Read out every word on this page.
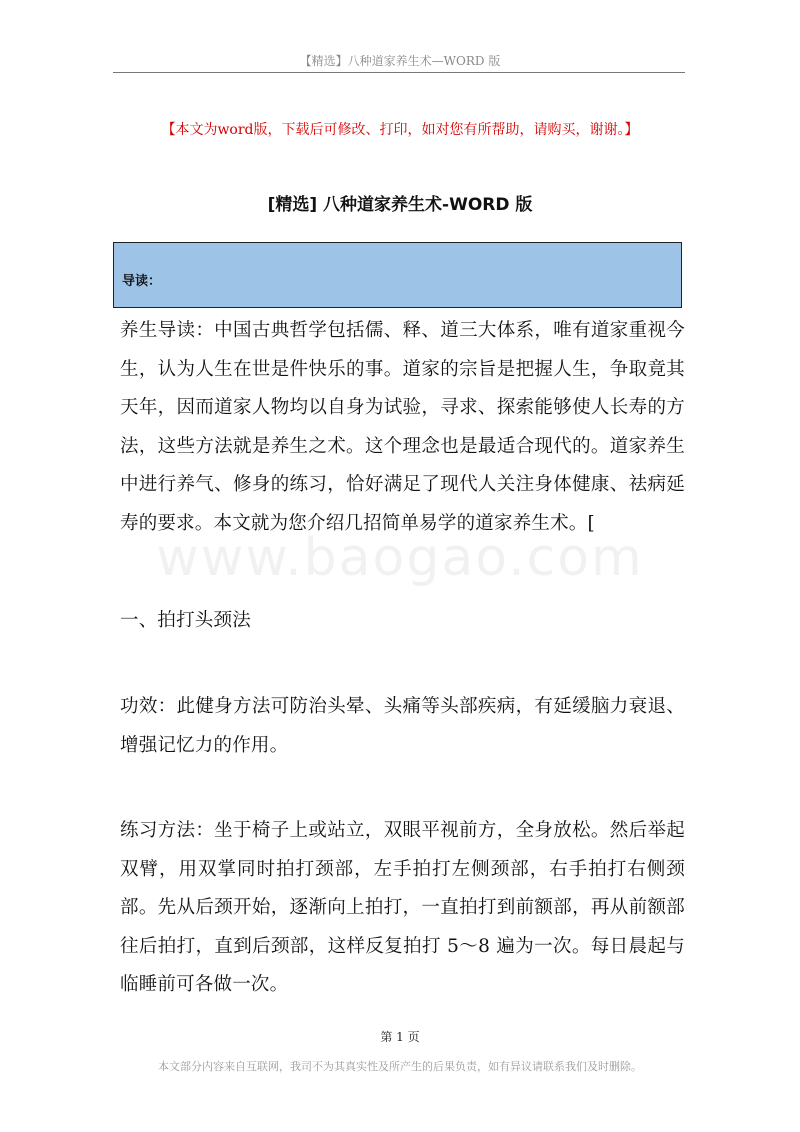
【精选】八种道家养生术—WORD 版
【本文为word版，下载后可修改、打印，如对您有所帮助，请购买，谢谢。】
[精选] 八种道家养生术-WORD 版
导读：
www.baogao.com
养生导读：中国古典哲学包括儒、释、道三大体系，唯有道家重视今生，认为人生在世是件快乐的事。道家的宗旨是把握人生，争取竟其天年，因而道家人物均以自身为试验，寻求、探索能够使人长寿的方法，这些方法就是养生之术。这个理念也是最适合现代的。道家养生中进行养气、修身的练习，恰好满足了现代人关注身体健康、祛病延寿的要求。本文就为您介绍几招简单易学的道家养生术。[
一、拍打头颈法
功效：此健身方法可防治头晕、头痛等头部疾病，有延缓脑力衰退、增强记忆力的作用。
练习方法：坐于椅子上或站立，双眼平视前方，全身放松。然后举起双臂，用双掌同时拍打颈部，左手拍打左侧颈部，右手拍打右侧颈部。先从后颈开始，逐渐向上拍打，一直拍打到前额部，再从前额部往后拍打，直到后颈部，这样反复拍打 5～8 遍为一次。每日晨起与临睡前可各做一次。
第 1 页
本文部分内容来自互联网，我司不为其真实性及所产生的后果负责，如有异议请联系我们及时删除。
